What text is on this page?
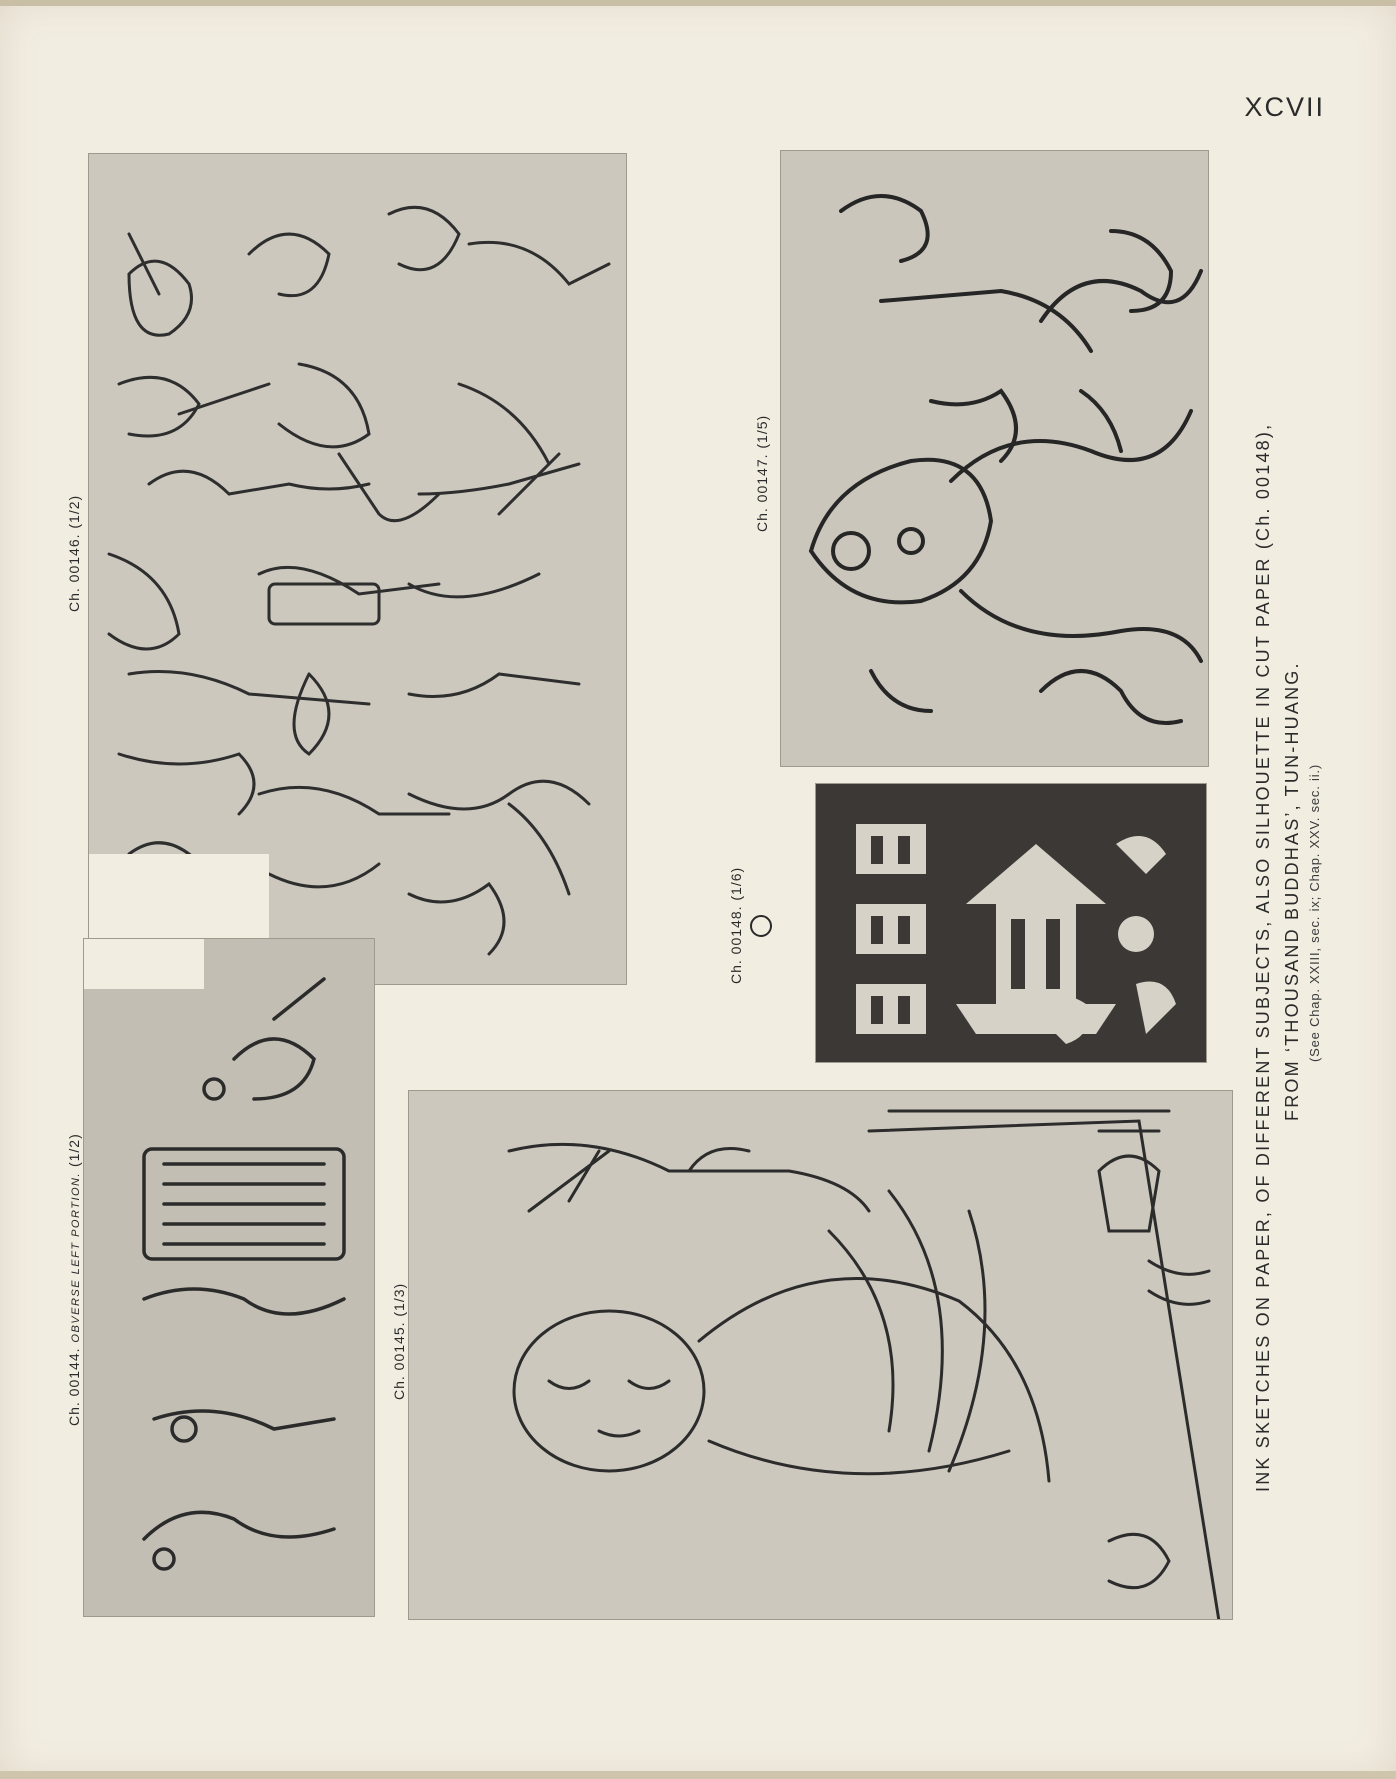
XCVII
Ch. 00146. (1/2)	Ch. 00147. (1/5)
Ch. 00148. (1/6)
Ch. 00144. OBVERSE LEFT PORTION. (1/2)
Ch. 00145. (1/3)	INK SKETCHES ON PAPER, OF DIFFERENT SUBJECTS, ALSO SILHOUETTE IN CUT PAPER (Ch. 00148), FROM ‘THOUSAND BUDDHAS’, TUN-HUANG. (See Chap. XXIII, sec. ix; Chap. XXV. sec. ii.)
